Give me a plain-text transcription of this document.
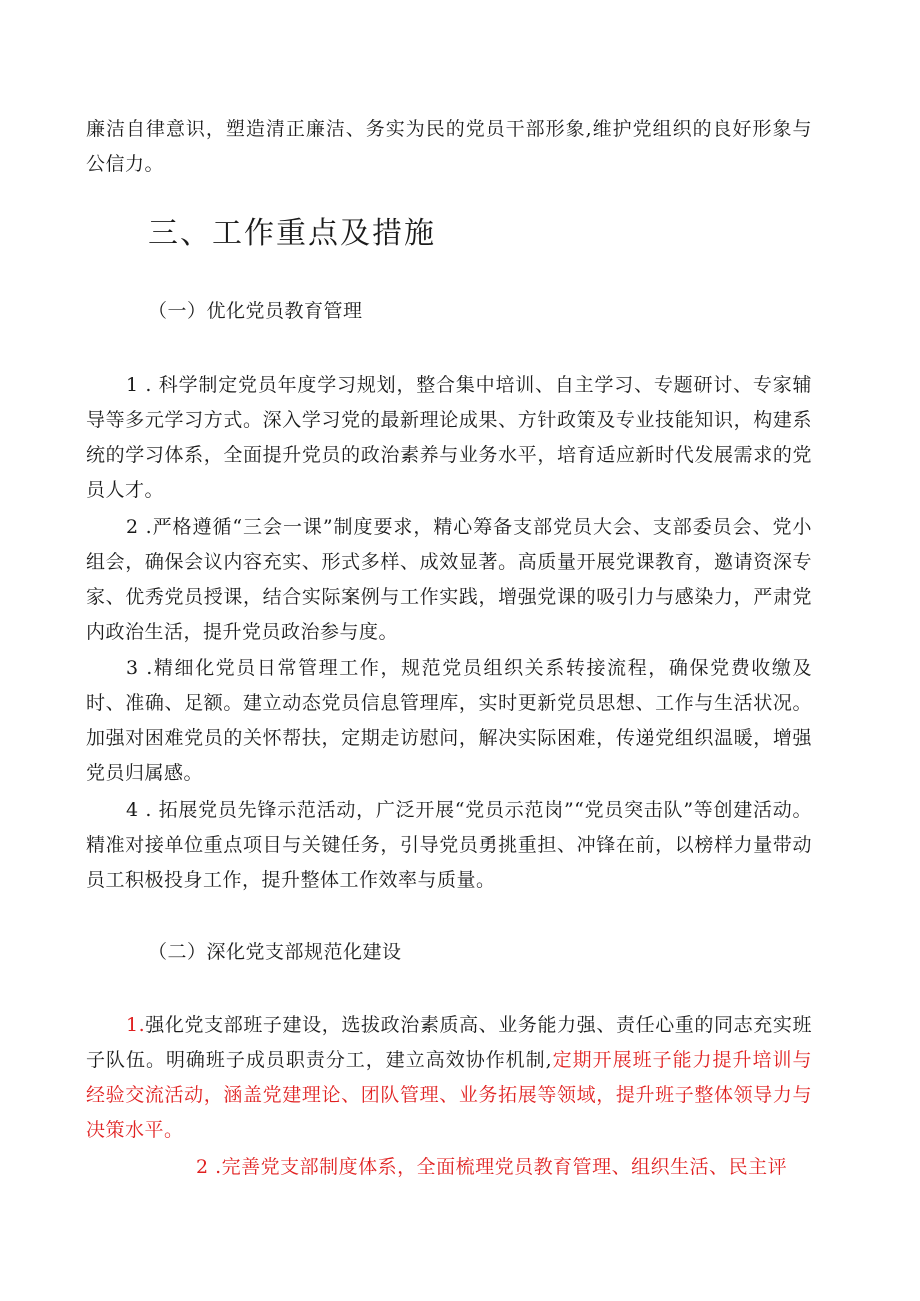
廉洁自律意识，塑造清正廉洁、务实为民的党员干部形象,维护党组织的良好形象与公信力。

三、工作重点及措施

（一）优化党员教育管理

1 . 科学制定党员年度学习规划，整合集中培训、自主学习、专题研讨、专家辅导等多元学习方式。深入学习党的最新理论成果、方针政策及专业技能知识，构建系统的学习体系，全面提升党员的政治素养与业务水平，培育适应新时代发展需求的党员人才。

2 .严格遵循“三会一课”制度要求，精心筹备支部党员大会、支部委员会、党小组会，确保会议内容充实、形式多样、成效显著。高质量开展党课教育，邀请资深专家、优秀党员授课，结合实际案例与工作实践，增强党课的吸引力与感染力，严肃党内政治生活，提升党员政治参与度。

3 .精细化党员日常管理工作，规范党员组织关系转接流程，确保党费收缴及时、准确、足额。建立动态党员信息管理库，实时更新党员思想、工作与生活状况。加强对困难党员的关怀帮扶，定期走访慰问，解决实际困难，传递党组织温暖，增强党员归属感。

4 . 拓展党员先锋示范活动，广泛开展“党员示范岗”“党员突击队”等创建活动。精准对接单位重点项目与关键任务，引导党员勇挑重担、冲锋在前，以榜样力量带动员工积极投身工作，提升整体工作效率与质量。

（二）深化党支部规范化建设

1.强化党支部班子建设，选拔政治素质高、业务能力强、责任心重的同志充实班子队伍。明确班子成员职责分工，建立高效协作机制,定期开展班子能力提升培训与经验交流活动，涵盖党建理论、团队管理、业务拓展等领域，提升班子整体领导力与决策水平。

2 .完善党支部制度体系，全面梳理党员教育管理、组织生活、民主评
